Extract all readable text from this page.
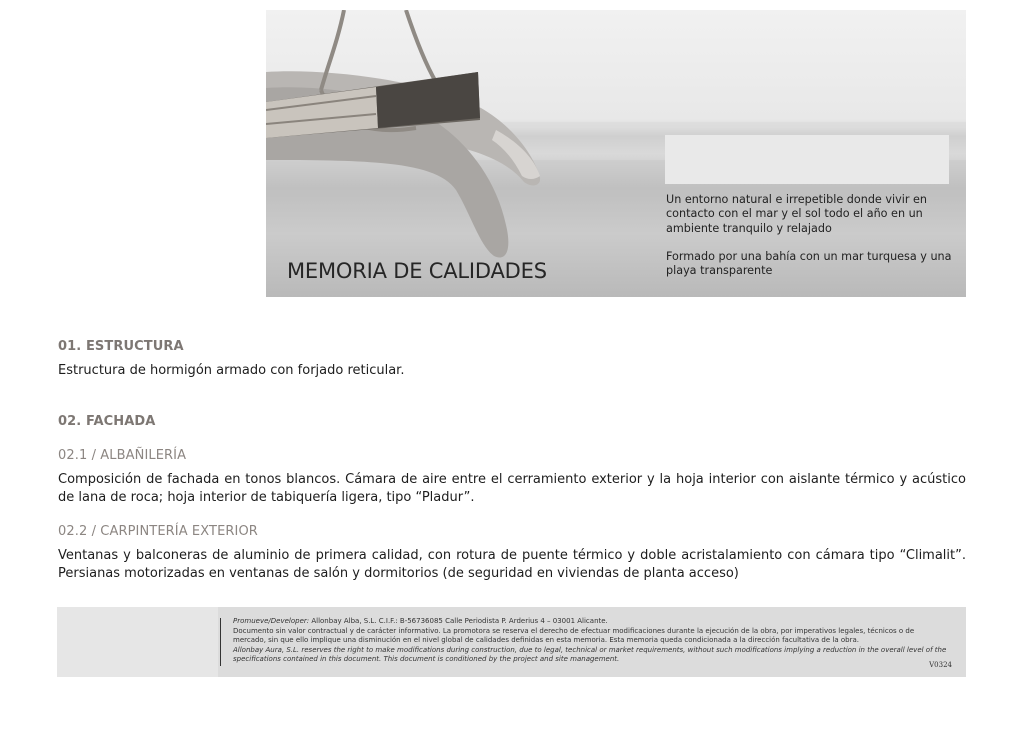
MEMORIA DE CALIDADES

Un entorno natural e irrepetible donde vivir en contacto con el mar y el sol todo el año en un ambiente tranquilo y relajado

Formado por una bahía con un mar turquesa y una playa transparente

01. ESTRUCTURA
Estructura de hormigón armado con forjado reticular.
02. FACHADA
02.1 / ALBAÑILERÍA
Composición de fachada en tonos blancos. Cámara de aire entre el cerramiento exterior y la hoja interior con aislante térmico y acústico de lana de roca; hoja interior de tabiquería ligera, tipo “Pladur”.
02.2 / CARPINTERÍA EXTERIOR
Ventanas y balconeras de aluminio de primera calidad, con rotura de puente térmico y doble acristalamiento con cámara tipo “Climalit”. Persianas motorizadas en ventanas de salón y dormitorios (de seguridad en viviendas de planta acceso)

Promueve/Developer: Allonbay Alba, S.L. C.I.F.: B-56736085 Calle Periodista P. Arderius 4 – 03001 Alicante.

Documento sin valor contractual y de carácter informativo. La promotora se reserva el derecho de efectuar modificaciones durante la ejecución de la obra, por imperativos legales, técnicos o de mercado, sin que ello implique una disminución en el nivel global de calidades definidas en esta memoria. Esta memoria queda condicionada a la dirección facultativa de la obra.

Allonbay Aura, S.L. reserves the right to make modifications during construction, due to legal, technical or market requirements, without such modifications implying a reduction in the overall level of the specifications contained in this document. This document is conditioned by the project and site management.

V0324
